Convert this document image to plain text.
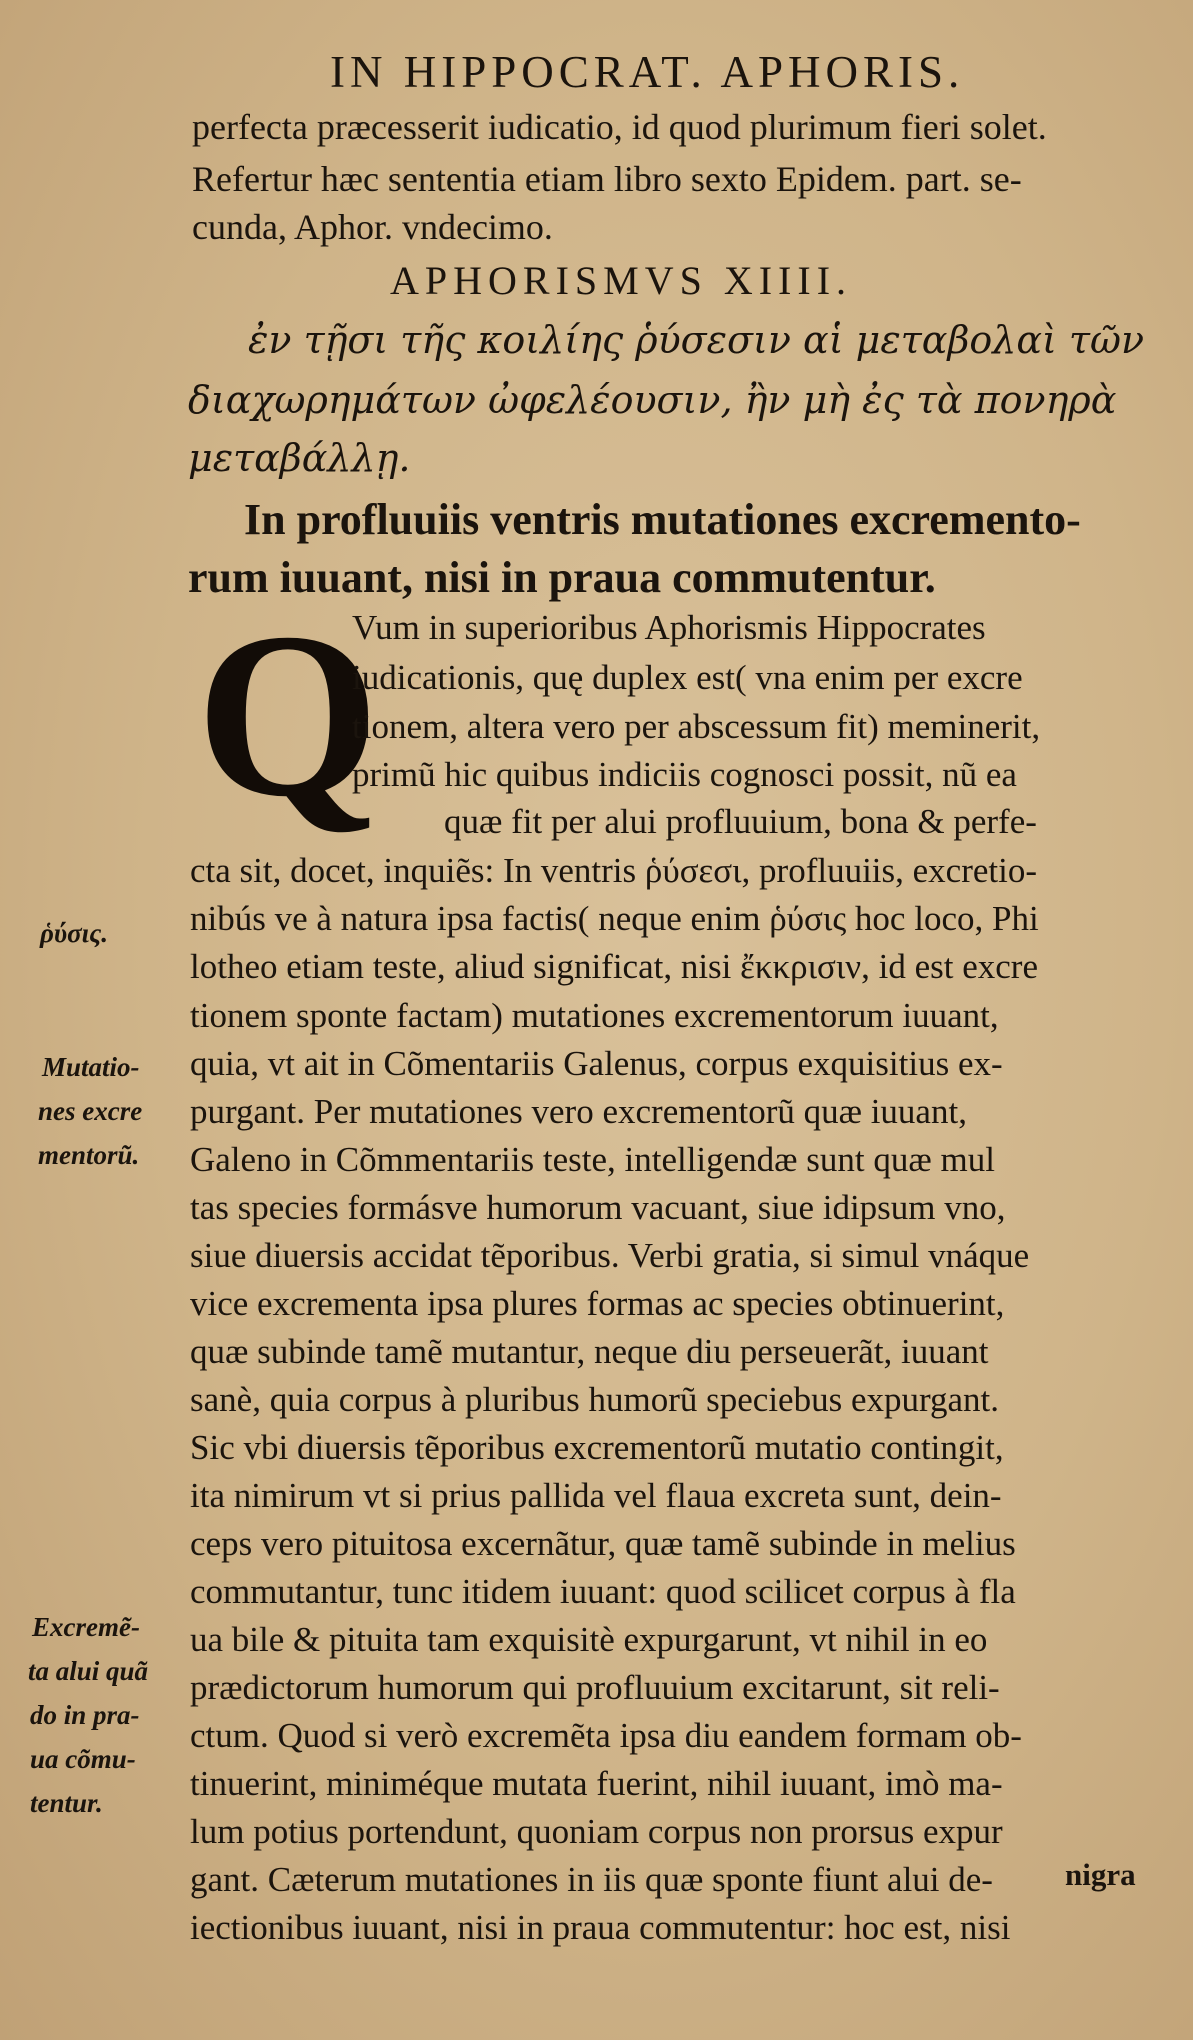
IN HIPPOCRAT. APHORIS.
perfecta præcesserit iudicatio, id quod plurimum fieri solet.
Refertur hæc sententia etiam libro sexto Epidem. part. se-
cunda, Aphor. vndecimo.
APHORISMVS XIIII.
ἐν τῇσι τῆς κοιλίης ῥύσεσιν αἱ μεταβολαὶ τῶν
διαχωρημάτων ὠφελέουσιν, ἢν μὴ ἐς τὰ πονηρὰ
μεταβάλλῃ.
In profluuiis ventris mutationes excremento-
rum iuuant, nisi in praua commutentur.
Q
Vum in superioribus Aphorismis Hippocrates
iudicationis, quę duplex est( vna enim per excre
tionem, altera vero per abscessum fit) meminerit,
primũ hic quibus indiciis cognosci possit, nũ ea
quæ fit per alui profluuium, bona & perfe-
cta sit, docet, inquiẽs: In ventris ῥύσεσι, profluuiis, excretio-
nibús ve à natura ipsa factis( neque enim ῥύσις hoc loco, Phi
lotheo etiam teste, aliud significat, nisi ἔκκρισιν, id est excre
tionem sponte factam) mutationes excrementorum iuuant,
quia, vt ait in Cõmentariis Galenus, corpus exquisitius ex-
purgant. Per mutationes vero excrementorũ quæ iuuant,
Galeno in Cõmmentariis teste, intelligendæ sunt quæ mul
tas species formásve humorum vacuant, siue idipsum vno,
siue diuersis accidat tẽporibus. Verbi gratia, si simul vnáque
vice excrementa ipsa plures formas ac species obtinuerint,
quæ subinde tamẽ mutantur, neque diu perseuerãt, iuuant
sanè, quia corpus à pluribus humorũ speciebus expurgant.
Sic vbi diuersis tẽporibus excrementorũ mutatio contingit,
ita nimirum vt si prius pallida vel flaua excreta sunt, dein-
ceps vero pituitosa excernãtur, quæ tamẽ subinde in melius
commutantur, tunc itidem iuuant: quod scilicet corpus à fla
ua bile & pituita tam exquisitè expurgarunt, vt nihil in eo
prædictorum humorum qui profluuium excitarunt, sit reli-
ctum. Quod si verò excremẽta ipsa diu eandem formam ob-
tinuerint, miniméque mutata fuerint, nihil iuuant, imò ma-
lum potius portendunt, quoniam corpus non prorsus expur
gant. Cæterum mutationes in iis quæ sponte fiunt alui de-
iectionibus iuuant, nisi in praua commutentur: hoc est, nisi
ῥύσις.
Mutatio-
nes excre
mentorũ.
Excremẽ-
ta alui quã
do in pra-
ua cõmu-
tentur.
nigra
